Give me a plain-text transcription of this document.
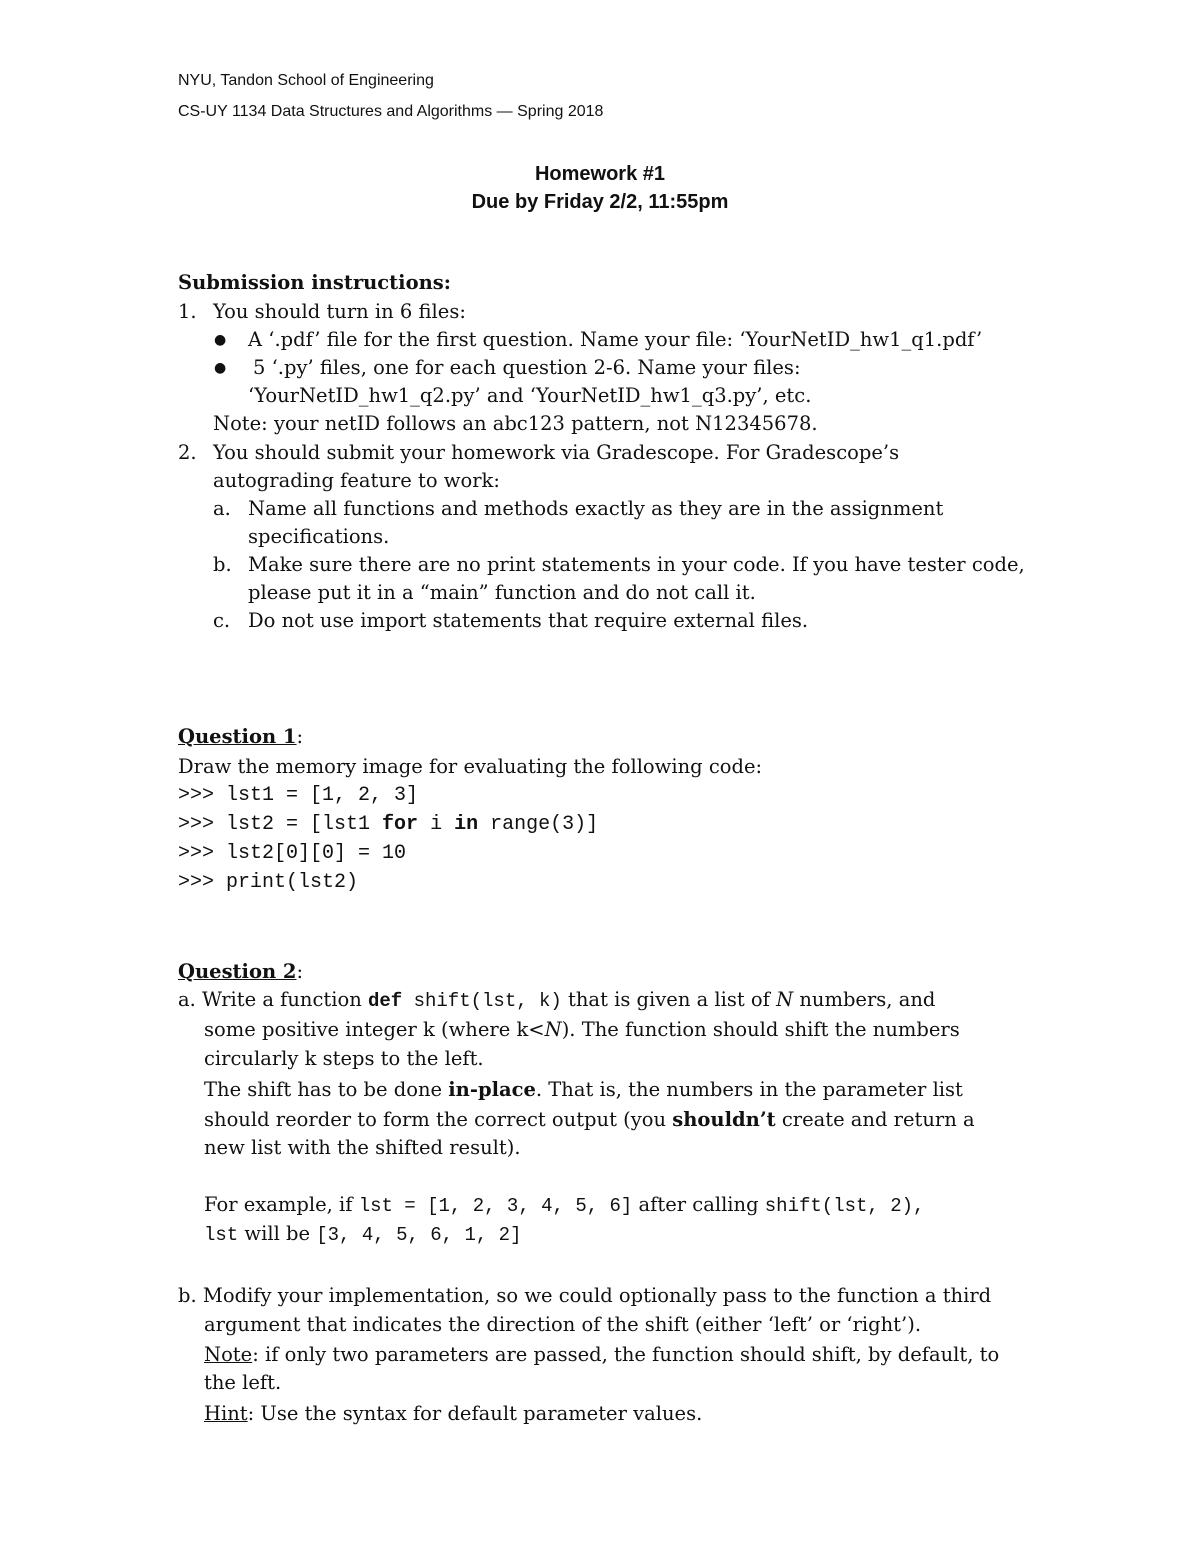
NYU, Tandon School of Engineering
CS-UY 1134 Data Structures and Algorithms — Spring 2018
Homework #1
Due by Friday 2/2, 11:55pm
Submission instructions:
1. You should turn in 6 files:
● A ‘.pdf’ file for the first question. Name your file: ‘YourNetID_hw1_q1.pdf’
● 5 ‘.py’ files, one for each question 2-6. Name your files:
‘YourNetID_hw1_q2.py’ and ‘YourNetID_hw1_q3.py’, etc.
Note: your netID follows an abc123 pattern, not N12345678.
2. You should submit your homework via Gradescope. For Gradescope’s
autograding feature to work:
a. Name all functions and methods exactly as they are in the assignment
specifications.
b. Make sure there are no print statements in your code. If you have tester code,
please put it in a “main” function and do not call it.
c. Do not use import statements that require external files.
Question 1:
Draw the memory image for evaluating the following code:
>>> lst1 = [1, 2, 3]
>>> lst2 = [lst1 for i in range(3)]
>>> lst2[0][0] = 10
>>> print(lst2)
Question 2:
a. Write a function def shift(lst, k) that is given a list of N numbers, and
some positive integer k (where k<N). The function should shift the numbers
circularly k steps to the left.
The shift has to be done in-place. That is, the numbers in the parameter list
should reorder to form the correct output (you shouldn’t create and return a
new list with the shifted result).
For example, if lst = [1, 2, 3, 4, 5, 6] after calling shift(lst, 2),
lst will be [3, 4, 5, 6, 1, 2]
b. Modify your implementation, so we could optionally pass to the function a third
argument that indicates the direction of the shift (either ‘left’ or ‘right’).
Note: if only two parameters are passed, the function should shift, by default, to
the left.
Hint: Use the syntax for default parameter values.
